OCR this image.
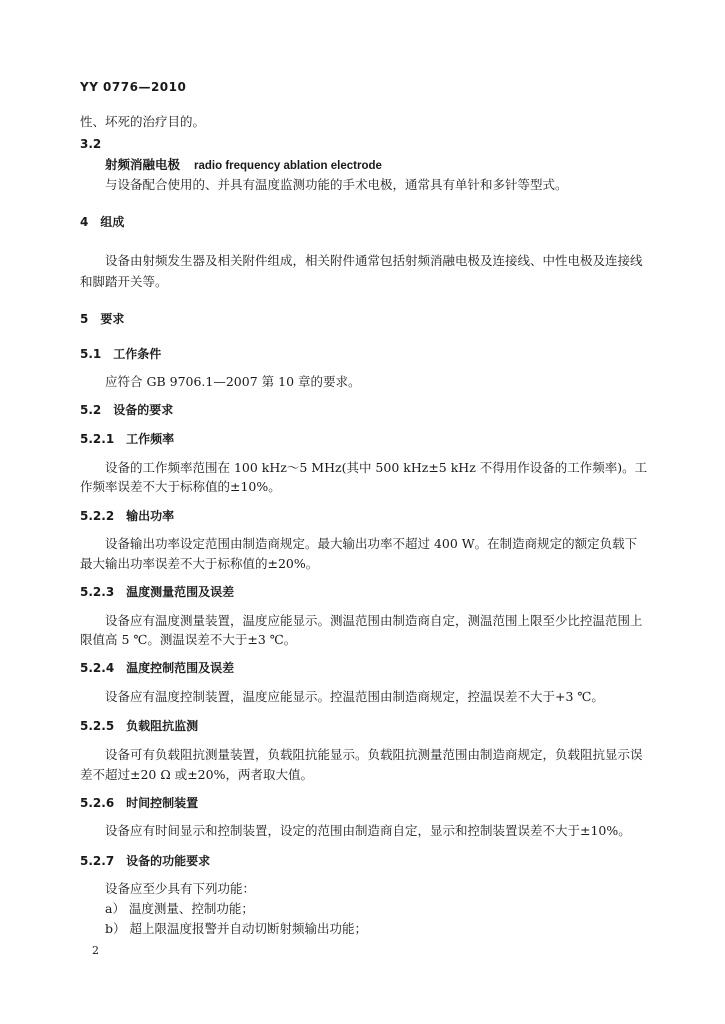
YY 0776—2010
性、坏死的治疗目的。
3.2
射频消融电极 radio frequency ablation electrode
与设备配合使用的、并具有温度监测功能的手术电极，通常具有单针和多针等型式。
4 组成
设备由射频发生器及相关附件组成，相关附件通常包括射频消融电极及连接线、中性电极及连接线
和脚踏开关等。
5 要求
5.1 工作条件
应符合 GB 9706.1—2007 第 10 章的要求。
5.2 设备的要求
5.2.1 工作频率
设备的工作频率范围在 100 kHz～5 MHz(其中 500 kHz±5 kHz 不得用作设备的工作频率)。工
作频率误差不大于标称值的±10%。
5.2.2 输出功率
设备输出功率设定范围由制造商规定。最大输出功率不超过 400 W。在制造商规定的额定负载下
最大输出功率误差不大于标称值的±20%。
5.2.3 温度测量范围及误差
设备应有温度测量装置，温度应能显示。测温范围由制造商自定，测温范围上限至少比控温范围上
限值高 5 ℃。测温误差不大于±3 ℃。
5.2.4 温度控制范围及误差
设备应有温度控制装置，温度应能显示。控温范围由制造商规定，控温误差不大于+3 ℃。
5.2.5 负载阻抗监测
设备可有负载阻抗测量装置，负载阻抗能显示。负载阻抗测量范围由制造商规定，负载阻抗显示误
差不超过±20 Ω 或±20%，两者取大值。
5.2.6 时间控制装置
设备应有时间显示和控制装置，设定的范围由制造商自定，显示和控制装置误差不大于±10%。
5.2.7 设备的功能要求
设备应至少具有下列功能：
a） 温度测量、控制功能；
b） 超上限温度报警并自动切断射频输出功能；
2
